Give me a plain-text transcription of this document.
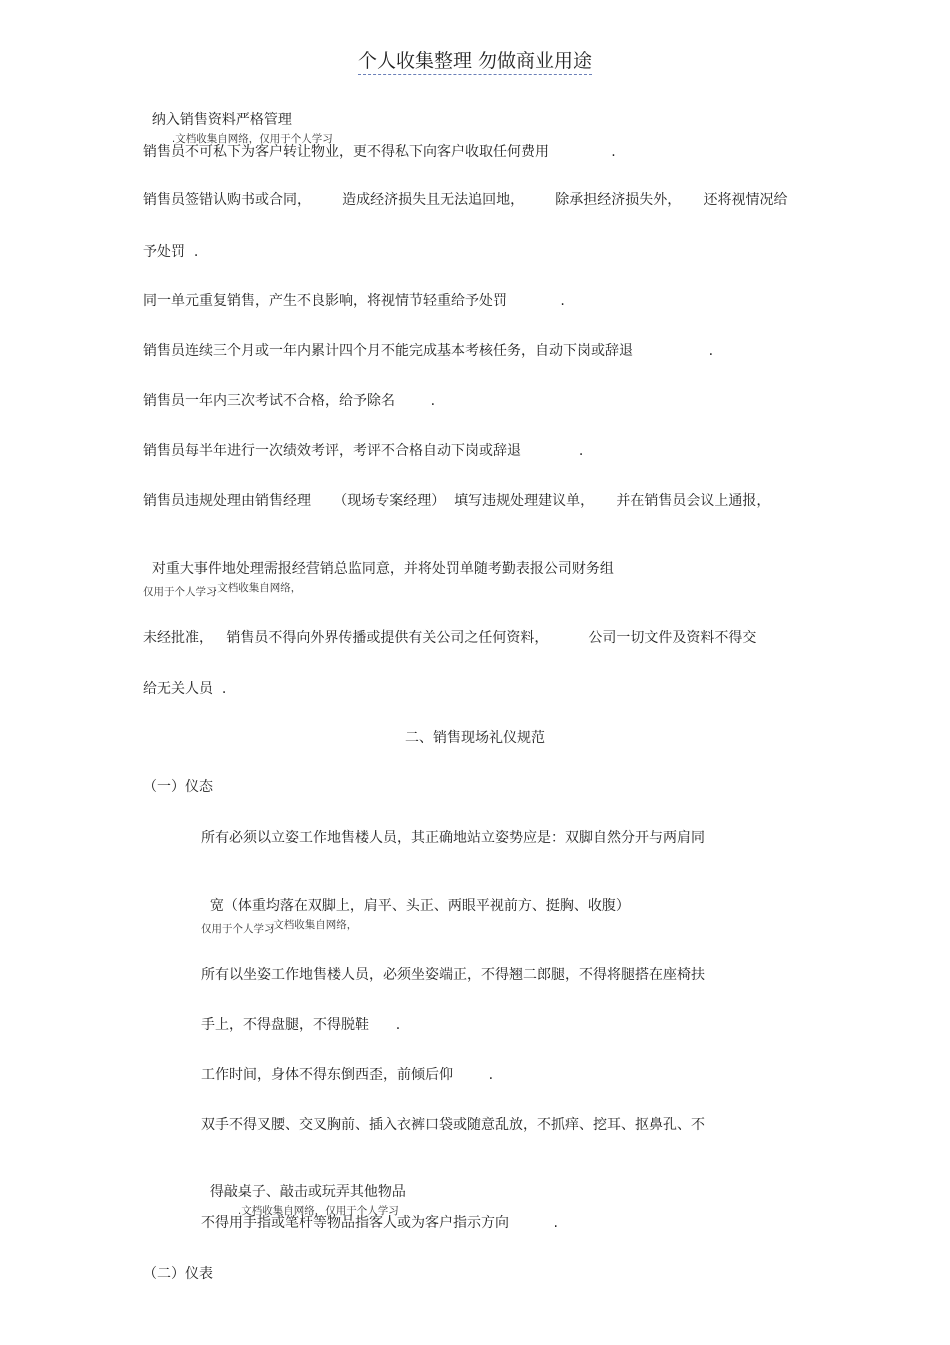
个人收集整理 勿做商业用途

纳入销售资料严格管理
.文档收集自网络，仅用于个人学习

销售员不可私下为客户转让物业，更不得私下向客户收取任何费用              .
销售员签错认购书或合同，       造成经济损失且无法追回地，       除承担经济损失外，     还将视情况给
予处罚  .
同一单元重复销售，产生不良影响，将视情节轻重给予处罚            .
销售员连续三个月或一年内累计四个月不能完成基本考核任务，自动下岗或辞退                 .
销售员一年内三次考试不合格，给予除名        .
销售员每半年进行一次绩效考评，考评不合格自动下岗或辞退             .
销售员违规处理由销售经理     （现场专案经理）  填写违规处理建议单，     并在销售员会议上通报，

对重大事件地处理需报经营销总监同意，并将处罚单随考勤表报公司财务组
.文档收集自网络，

仅用于个人学习
未经批准，   销售员不得向外界传播或提供有关公司之任何资料，         公司一切文件及资料不得交
给无关人员  .
二、销售现场礼仪规范
（一）仪态
所有必须以立姿工作地售楼人员，其正确地站立姿势应是：双脚自然分开与两肩同

宽（体重均落在双脚上，肩平、头正、两眼平视前方、挺胸、收腹）
.文档收集自网络，

仅用于个人学习
所有以坐姿工作地售楼人员，必须坐姿端正，不得翘二郎腿，不得将腿搭在座椅扶
手上，不得盘腿，不得脱鞋      .
工作时间，身体不得东倒西歪，前倾后仰        .
双手不得叉腰、交叉胸前、插入衣裤口袋或随意乱放，不抓痒、挖耳、抠鼻孔、不

得敲桌子、敲击或玩弄其他物品
.文档收集自网络，仅用于个人学习

不得用手指或笔杆等物品指客人或为客户指示方向          .
（二）仪表
